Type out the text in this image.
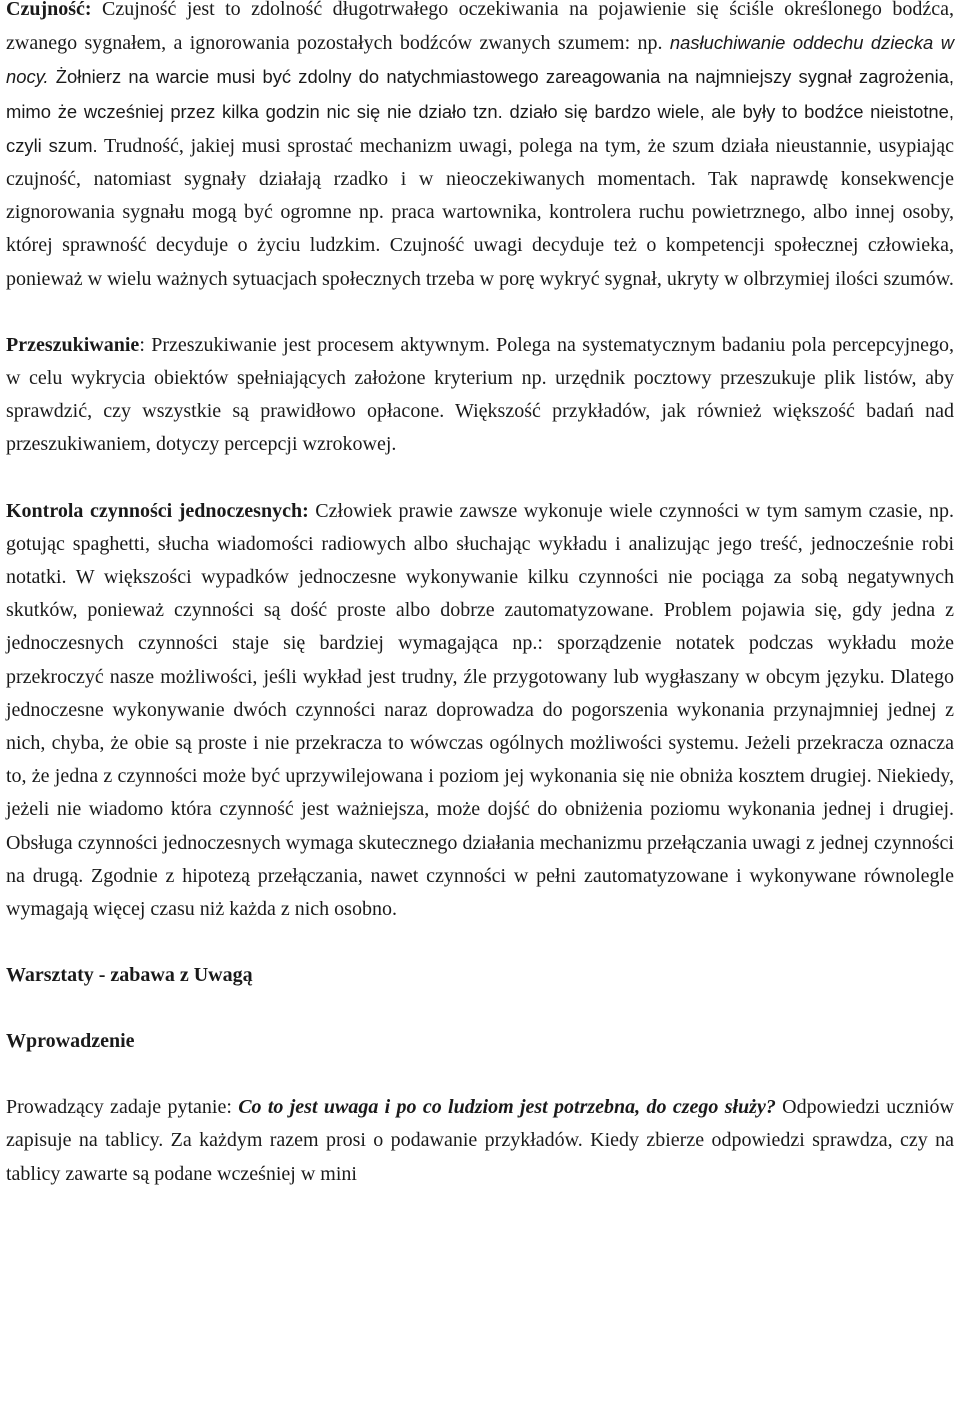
Czujność: Czujność jest to zdolność długotrwałego oczekiwania na pojawienie się ściśle określonego bodźca, zwanego sygnałem, a ignorowania pozostałych bodźców zwanych szumem: np. nasłuchiwanie oddechu dziecka w nocy. Żołnierz na warcie musi być zdolny do natychmiastowego zareagowania na najmniejszy sygnał zagrożenia, mimo że wcześniej przez kilka godzin nic się nie działo tzn. działo się bardzo wiele, ale były to bodźce nieistotne, czyli szum. Trudność, jakiej musi sprostać mechanizm uwagi, polega na tym, że szum działa nieustannie, usypiając czujność, natomiast sygnały działają rzadko i w nieoczekiwanych momentach. Tak naprawdę konsekwencje zignorowania sygnału mogą być ogromne np. praca wartownika, kontrolera ruchu powietrznego, albo innej osoby, której sprawność decyduje o życiu ludzkim. Czujność uwagi decyduje też o kompetencji społecznej człowieka, ponieważ w wielu ważnych sytuacjach społecznych trzeba w porę wykryć sygnał, ukryty w olbrzymiej ilości szumów.

Przeszukiwanie: Przeszukiwanie jest procesem aktywnym. Polega na systematycznym badaniu pola percepcyjnego, w celu wykrycia obiektów spełniających założone kryterium np. urzędnik pocztowy przeszukuje plik listów, aby sprawdzić, czy wszystkie są prawidłowo opłacone. Większość przykładów, jak również większość badań nad przeszukiwaniem, dotyczy percepcji wzrokowej.

Kontrola czynności jednoczesnych: Człowiek prawie zawsze wykonuje wiele czynności w tym samym czasie, np. gotując spaghetti, słucha wiadomości radiowych albo słuchając wykładu i analizując jego treść, jednocześnie robi notatki. W większości wypadków jednoczesne wykonywanie kilku czynności nie pociąga za sobą negatywnych skutków, ponieważ czynności są dość proste albo dobrze zautomatyzowane. Problem pojawia się, gdy jedna z jednoczesnych czynności staje się bardziej wymagająca np.: sporządzenie notatek podczas wykładu może przekroczyć nasze możliwości, jeśli wykład jest trudny, źle przygotowany lub wygłaszany w obcym języku. Dlatego jednoczesne wykonywanie dwóch czynności naraz doprowadza do pogorszenia wykonania przynajmniej jednej z nich, chyba, że obie są proste i nie przekracza to wówczas ogólnych możliwości systemu. Jeżeli przekracza oznacza to, że jedna z czynności może być uprzywilejowana i poziom jej wykonania się nie obniża kosztem drugiej. Niekiedy, jeżeli nie wiadomo która czynność jest ważniejsza, może dojść do obniżenia poziomu wykonania jednej i drugiej. Obsługa czynności jednoczesnych wymaga skutecznego działania mechanizmu przełączania uwagi z jednej czynności na drugą. Zgodnie z hipotezą przełączania, nawet czynności w pełni zautomatyzowane i wykonywane równolegle wymagają więcej czasu niż każda z nich osobno.

Warsztaty - zabawa z Uwagą
Wprowadzenie

Prowadzący zadaje pytanie: Co to jest uwaga i po co ludziom jest potrzebna, do czego służy? Odpowiedzi uczniów zapisuje na tablicy. Za każdym razem prosi o podawanie przykładów. Kiedy zbierze odpowiedzi sprawdza, czy na tablicy zawarte są podane wcześniej w mini
